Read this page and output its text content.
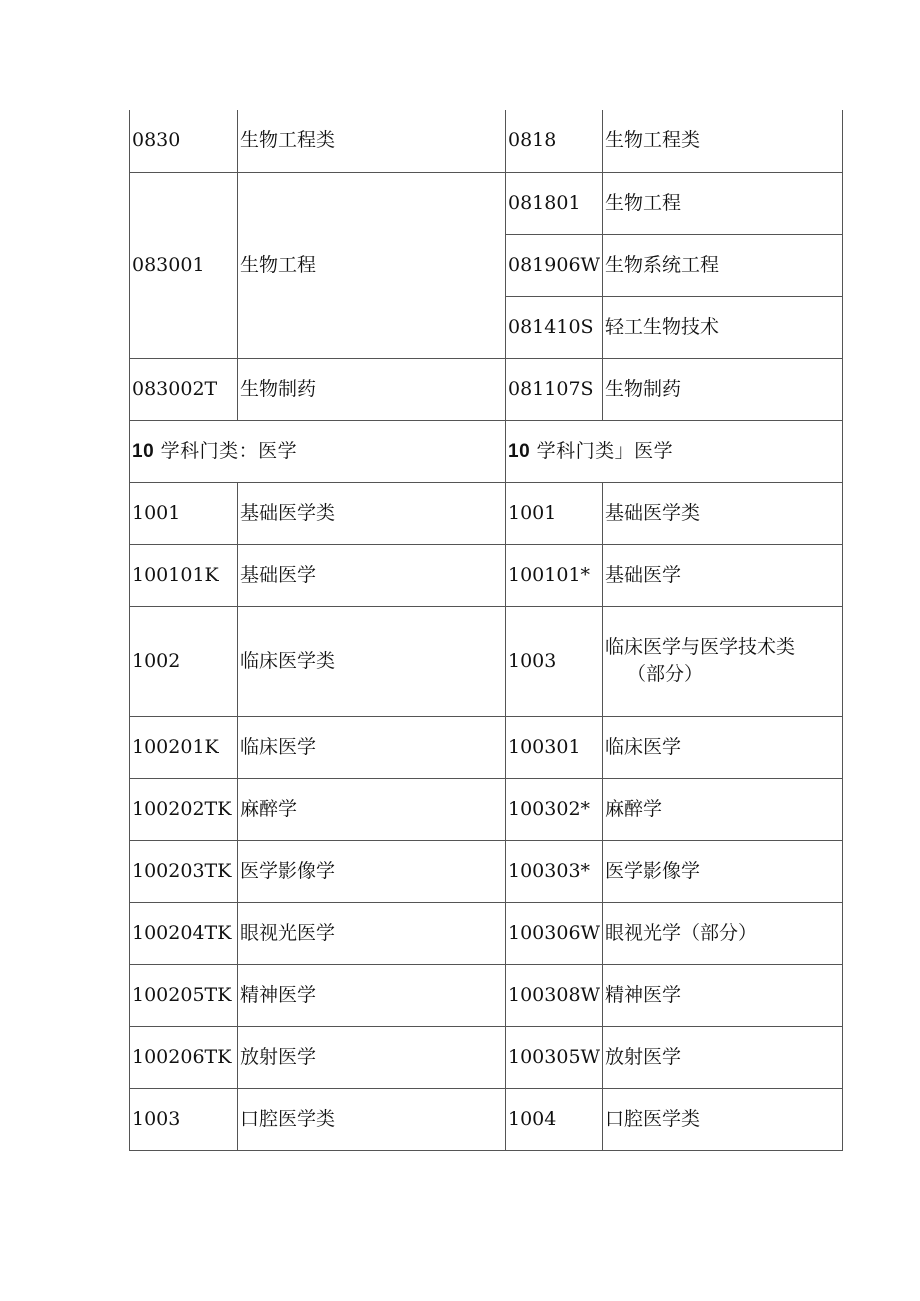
0830	生物工程类	0818	生物工程类
083001	生物工程	081801	生物工程
		081906W	生物系统工程
		081410S	轻工生物技术
083002T	生物制药	081107S	生物制药
10 学科门类：医学		10 学科门类」医学	
1001	基础医学类	1001	基础医学类
100101K	基础医学	100101*	基础医学
1002	临床医学类	1003	临床医学与医学技术类
（部分）

100201K	临床医学	100301	临床医学
100202TK	麻醉学	100302*	麻醉学
100203TK	医学影像学	100303*	医学影像学
100204TK	眼视光医学	100306W	眼视光学（部分）
100205TK	精神医学	100308W	精神医学
100206TK	放射医学	100305W	放射医学
1003	口腔医学类	1004	口腔医学类
